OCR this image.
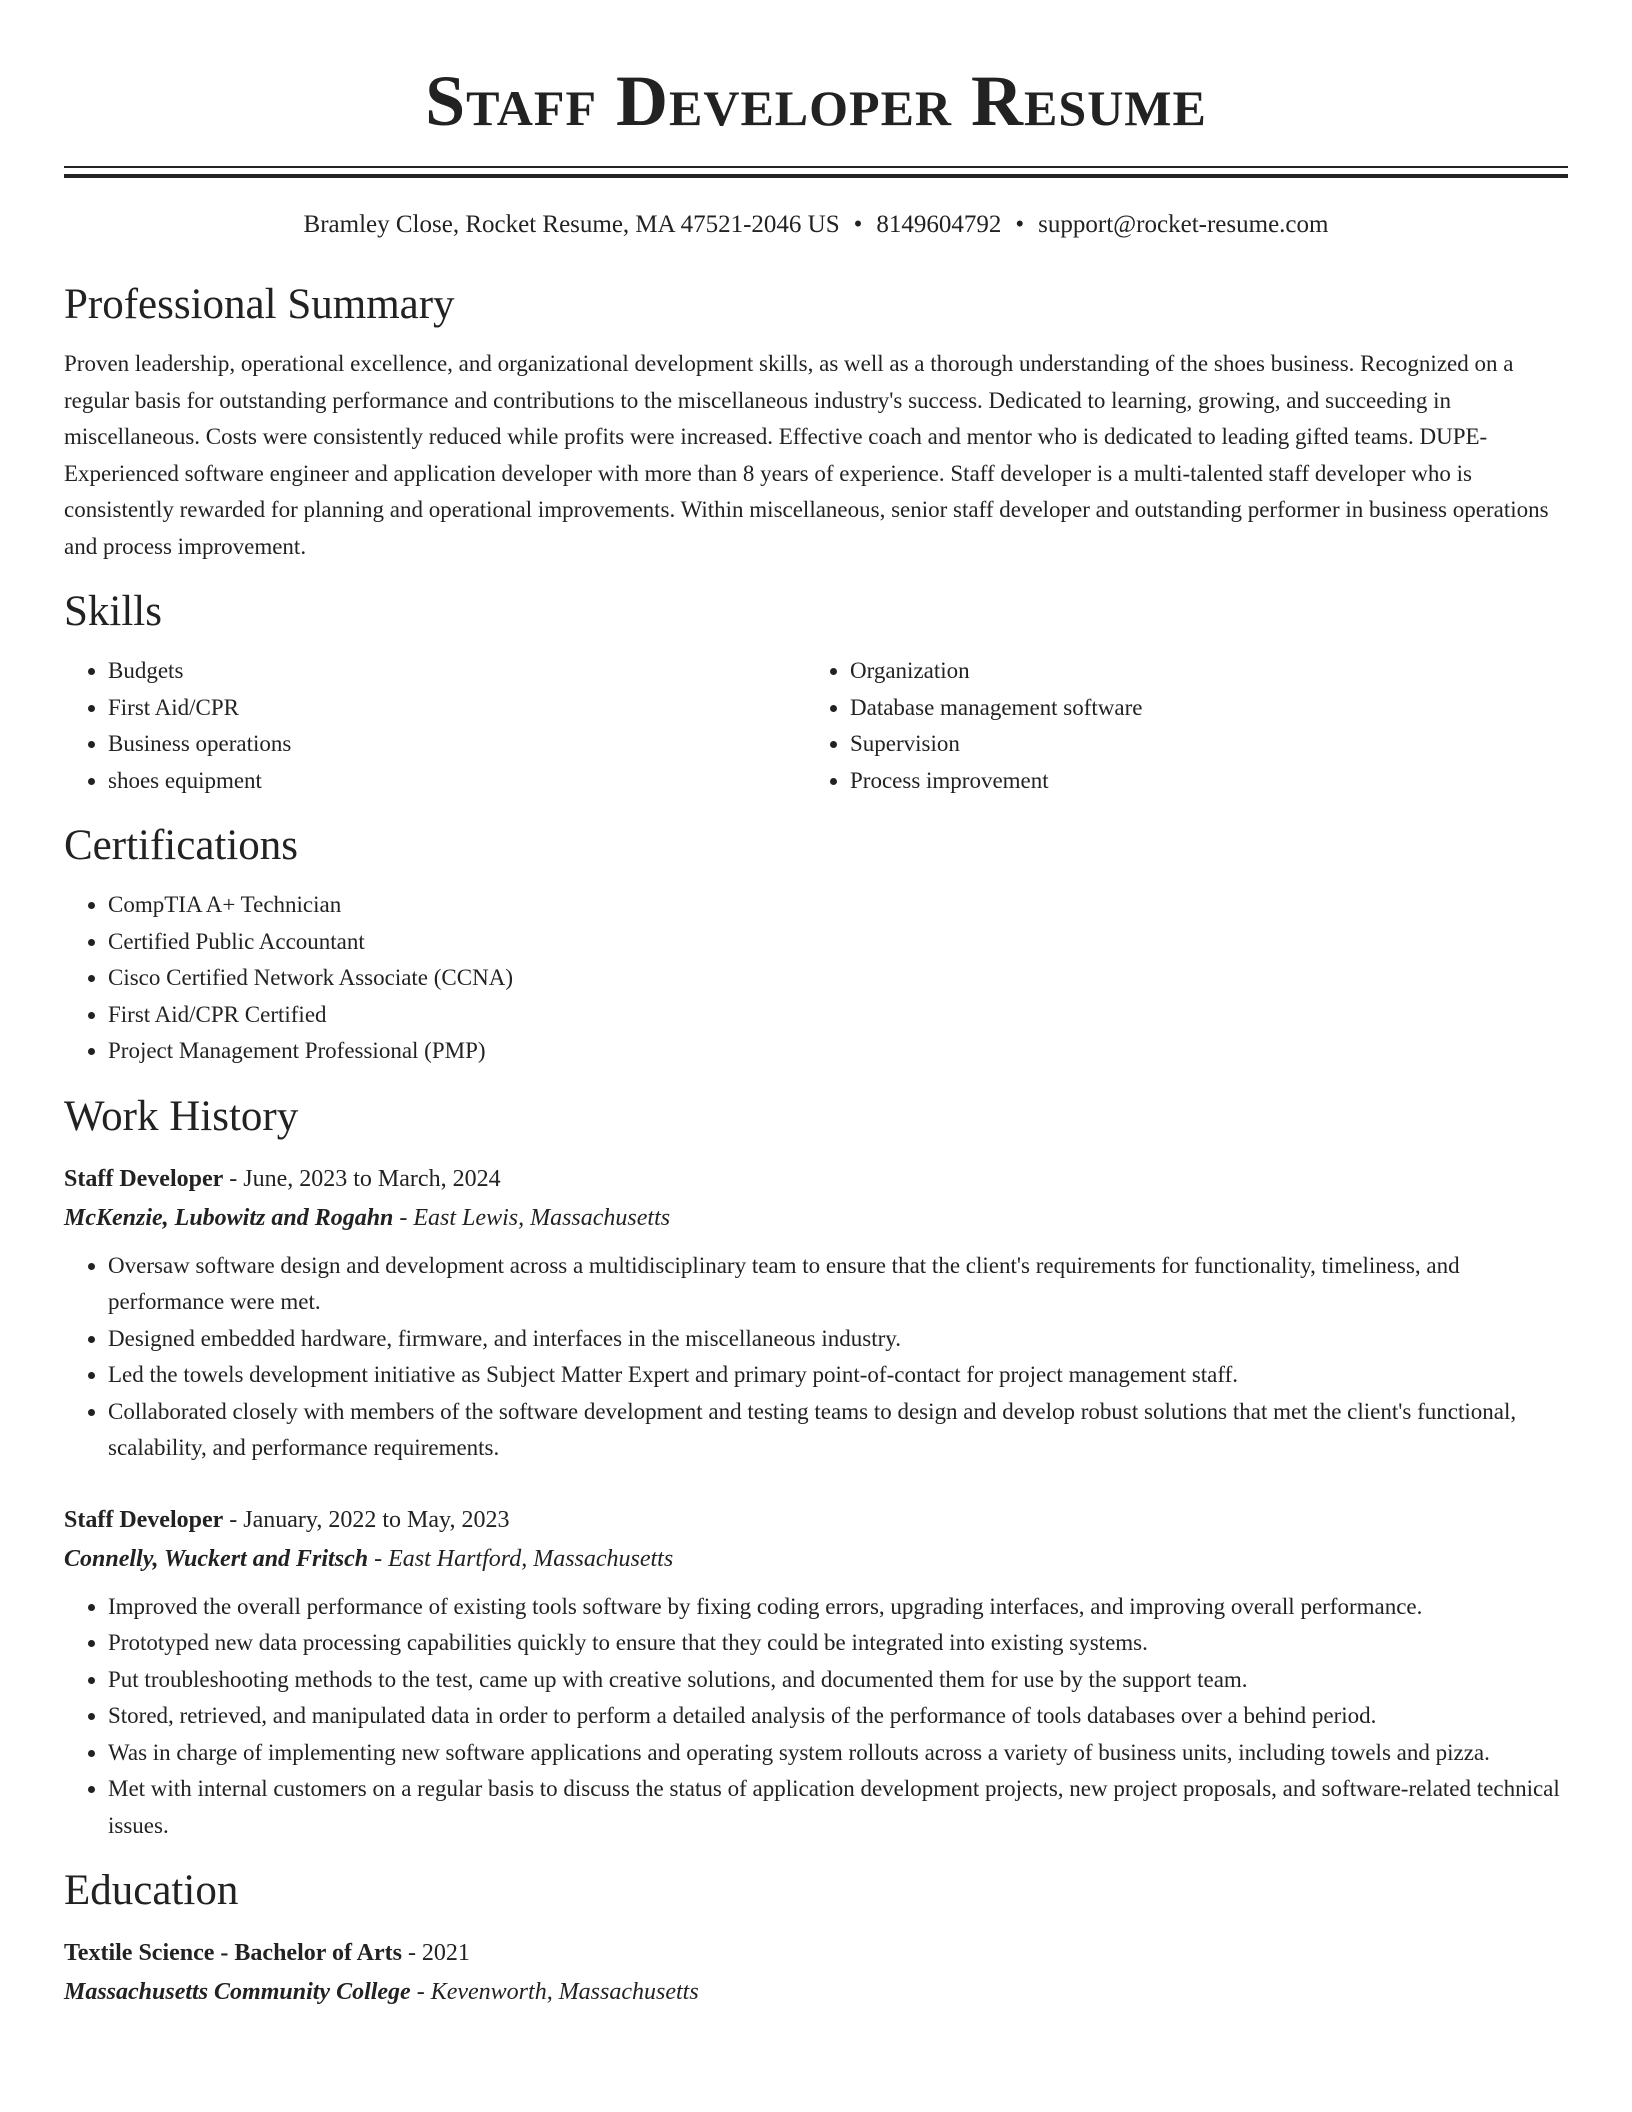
Staff Developer Resume
Bramley Close, Rocket Resume, MA 47521-2046 US • 8149604792 • support@rocket-resume.com
Professional Summary

Proven leadership, operational excellence, and organizational development skills, as well as a thorough understanding of the shoes business. Recognized on a regular basis for outstanding performance and contributions to the miscellaneous industry's success. Dedicated to learning, growing, and succeeding in miscellaneous. Costs were consistently reduced while profits were increased. Effective coach and mentor who is dedicated to leading gifted teams. DUPE- Experienced software engineer and application developer with more than 8 years of experience. Staff developer is a multi-talented staff developer who is consistently rewarded for planning and operational improvements. Within miscellaneous, senior staff developer and outstanding performer in business operations and process improvement.

Skills
• Budgets
• First Aid/CPR
• Business operations
• shoes equipment
• Organization
• Database management software
• Supervision
• Process improvement
Certifications
• CompTIA A+ Technician
• Certified Public Accountant
• Cisco Certified Network Associate (CCNA)
• First Aid/CPR Certified
• Project Management Professional (PMP)
Work History
Staff Developer - June, 2023 to March, 2024
McKenzie, Lubowitz and Rogahn - East Lewis, Massachusetts
• Oversaw software design and development across a multidisciplinary team to ensure that the client's requirements for functionality, timeliness, and performance were met.
• Designed embedded hardware, firmware, and interfaces in the miscellaneous industry.
• Led the towels development initiative as Subject Matter Expert and primary point-of-contact for project management staff.
• Collaborated closely with members of the software development and testing teams to design and develop robust solutions that met the client's functional, scalability, and performance requirements.
Staff Developer - January, 2022 to May, 2023
Connelly, Wuckert and Fritsch - East Hartford, Massachusetts
• Improved the overall performance of existing tools software by fixing coding errors, upgrading interfaces, and improving overall performance.
• Prototyped new data processing capabilities quickly to ensure that they could be integrated into existing systems.
• Put troubleshooting methods to the test, came up with creative solutions, and documented them for use by the support team.
• Stored, retrieved, and manipulated data in order to perform a detailed analysis of the performance of tools databases over a behind period.
• Was in charge of implementing new software applications and operating system rollouts across a variety of business units, including towels and pizza.
• Met with internal customers on a regular basis to discuss the status of application development projects, new project proposals, and software-related technical issues.
Education
Textile Science - Bachelor of Arts - 2021
Massachusetts Community College - Kevenworth, Massachusetts
